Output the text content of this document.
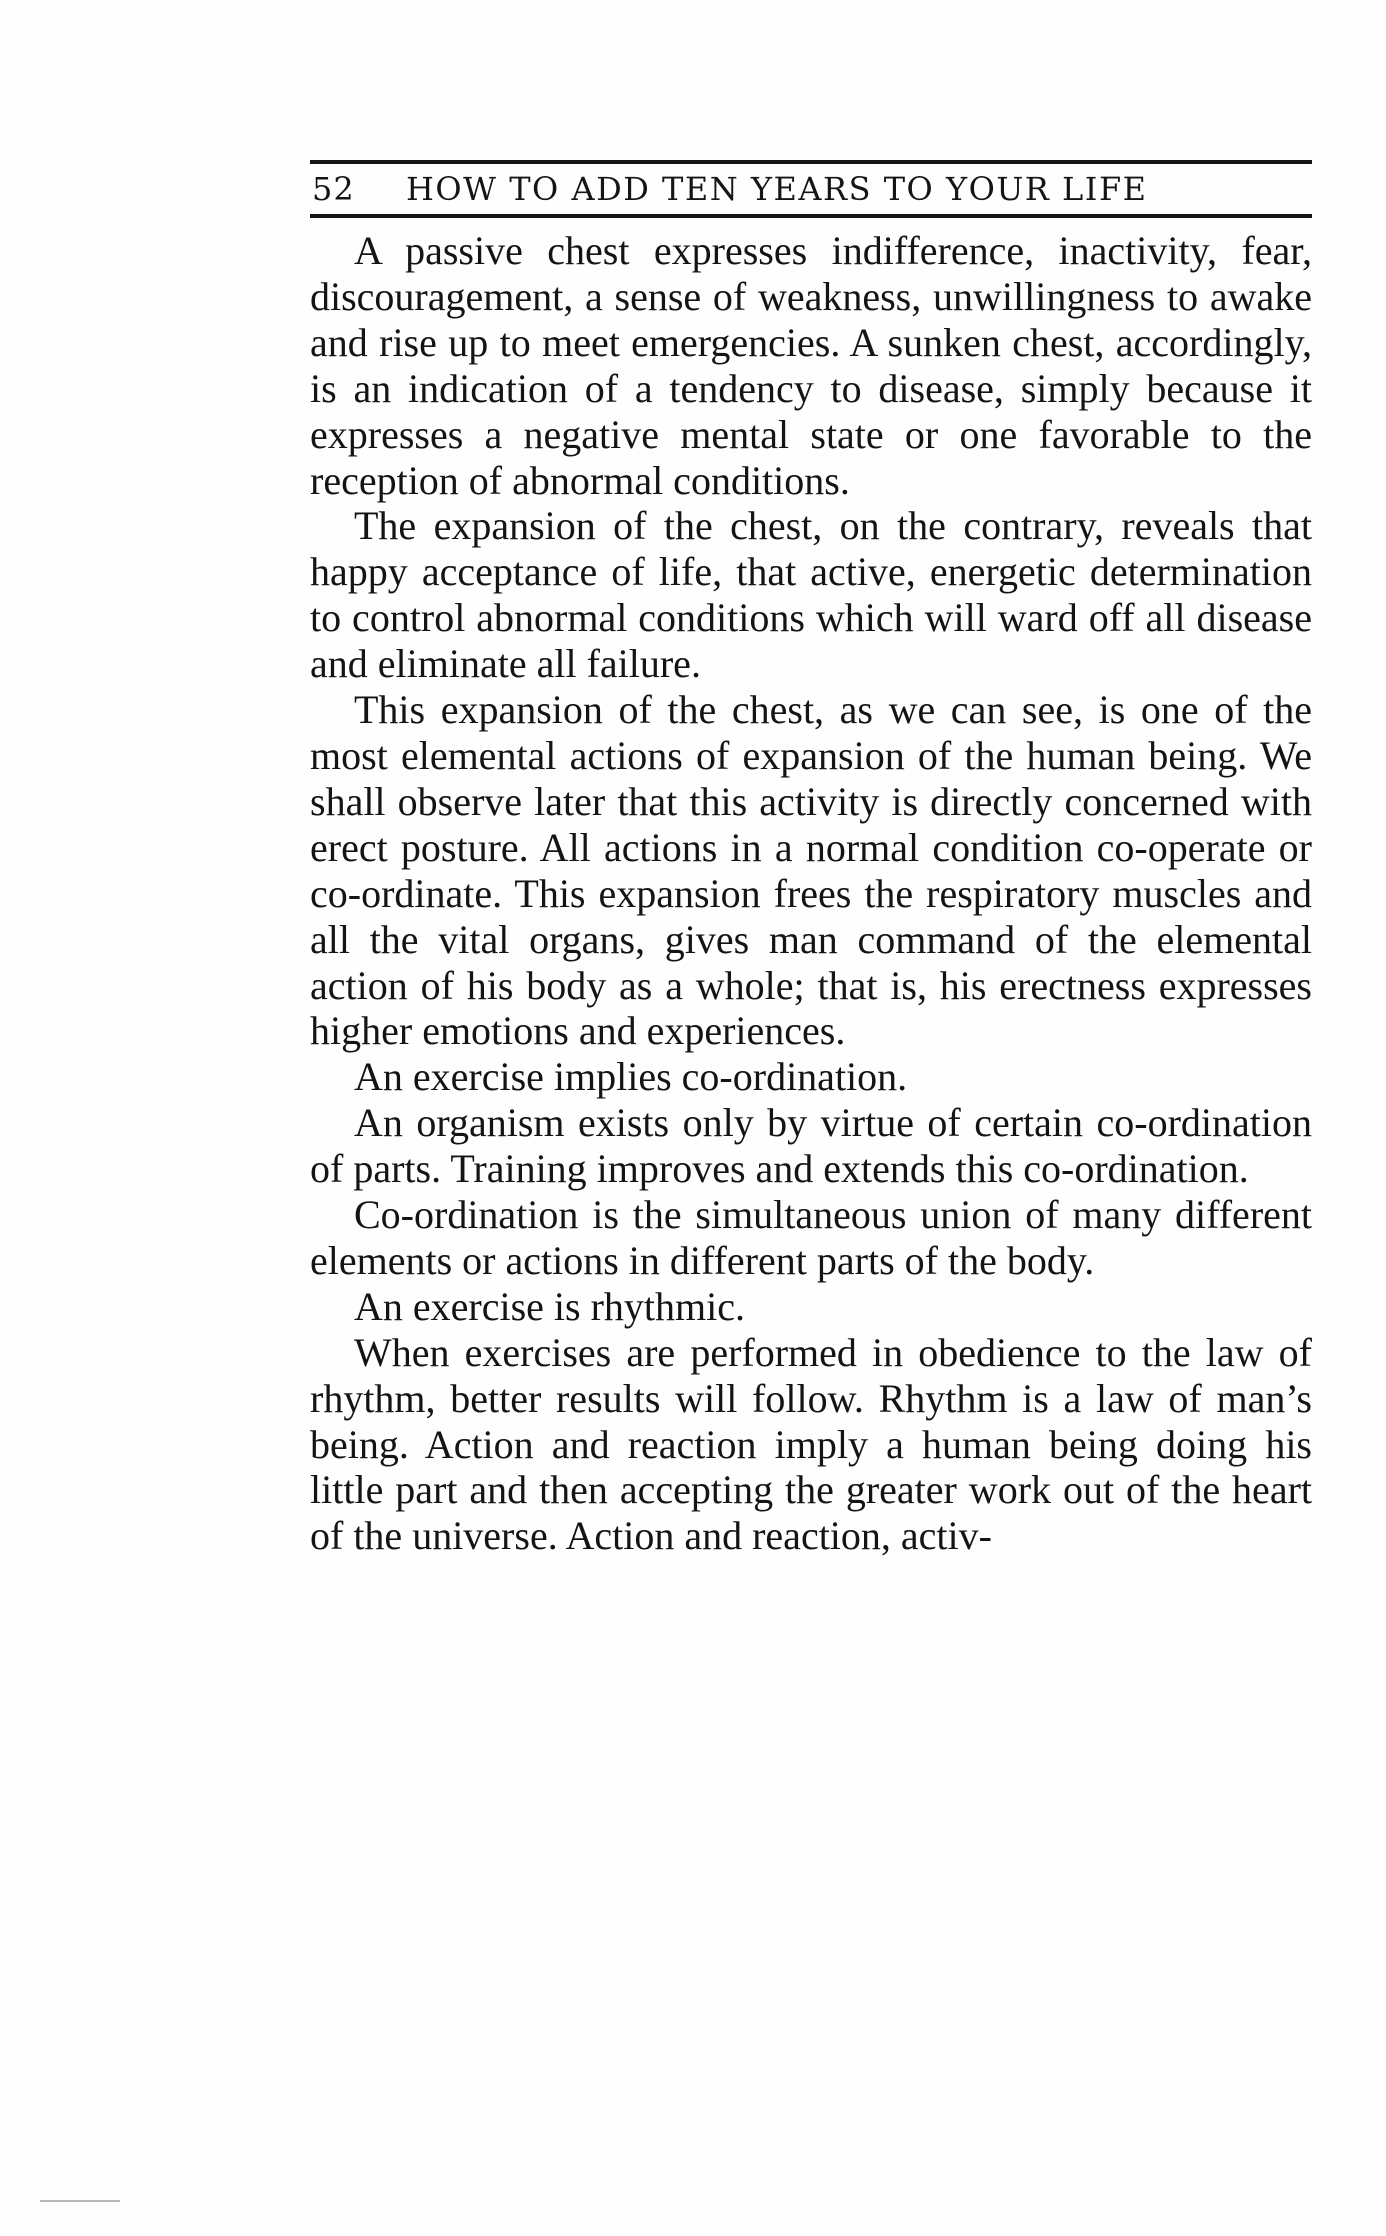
52	HOW TO ADD TEN YEARS TO YOUR LIFE

A passive chest expresses indifference, inactivity, fear, discouragement, a sense of weakness, unwillingness to awake and rise up to meet emergencies. A sunken chest, accordingly, is an indication of a tendency to disease, simply because it expresses a negative mental state or one favorable to the reception of abnormal conditions.

The expansion of the chest, on the contrary, reveals that happy acceptance of life, that active, energetic determination to control abnormal conditions which will ward off all disease and eliminate all failure.

This expansion of the chest, as we can see, is one of the most elemental actions of expansion of the human being. We shall observe later that this activity is directly concerned with erect posture. All actions in a normal condition co-operate or co-ordinate. This expansion frees the respiratory muscles and all the vital organs, gives man command of the elemental action of his body as a whole; that is, his erectness expresses higher emotions and experiences.

An exercise implies co-ordination.

An organism exists only by virtue of certain co-ordination of parts. Training improves and extends this co-ordination.

Co-ordination is the simultaneous union of many different elements or actions in different parts of the body.

An exercise is rhythmic.

When exercises are performed in obedience to the law of rhythm, better results will follow. Rhythm is a law of man’s being. Action and reaction imply a human being doing his little part and then accepting the greater work out of the heart of the universe. Action and reaction, activ-
